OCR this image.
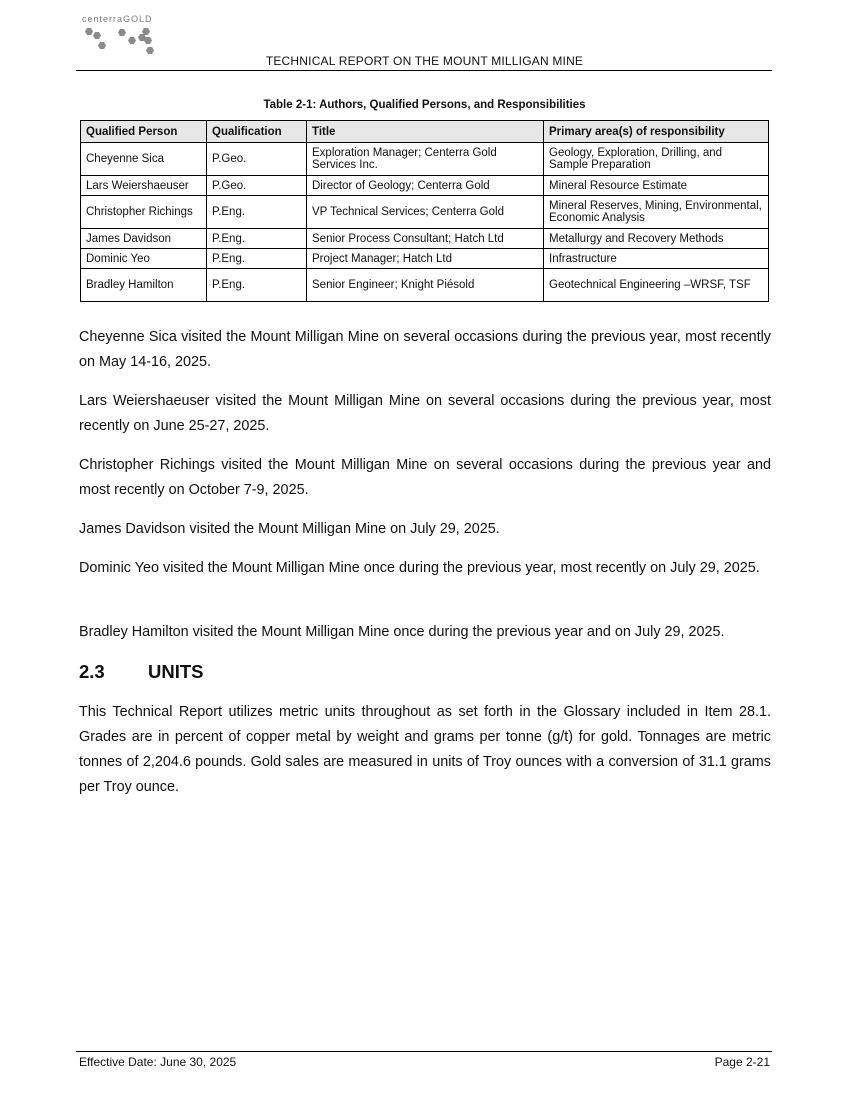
centerraGOLD
TECHNICAL REPORT ON THE MOUNT MILLIGAN MINE
Table 2-1: Authors, Qualified Persons, and Responsibilities
Qualified Person	Qualification	Title	Primary area(s) of responsibility
Cheyenne Sica	P.Geo.	Exploration Manager; Centerra Gold Services Inc.	Geology, Exploration, Drilling, and Sample Preparation
Lars Weiershaeuser	P.Geo.	Director of Geology; Centerra Gold	Mineral Resource Estimate
Christopher Richings	P.Eng.	VP Technical Services; Centerra Gold	Mineral Reserves, Mining, Environmental, Economic Analysis
James Davidson	P.Eng.	Senior Process Consultant; Hatch Ltd	Metallurgy and Recovery Methods
Dominic Yeo	P.Eng.	Project Manager; Hatch Ltd	Infrastructure
Bradley Hamilton	P.Eng.	Senior Engineer; Knight Piésold	Geotechnical Engineering –WRSF, TSF

Cheyenne Sica visited the Mount Milligan Mine on several occasions during the previous year, most recently on May 14-16, 2025.

Lars Weiershaeuser visited the Mount Milligan Mine on several occasions during the previous year, most recently on June 25-27, 2025.

Christopher Richings visited the Mount Milligan Mine on several occasions during the previous year and most recently on October 7-9, 2025.

James Davidson visited the Mount Milligan Mine on July 29, 2025.

Dominic Yeo visited the Mount Milligan Mine once during the previous year, most recently on July 29, 2025.

Bradley Hamilton visited the Mount Milligan Mine once during the previous year and on July 29, 2025.

2.3 UNITS

This Technical Report utilizes metric units throughout as set forth in the Glossary included in Item 28.1. Grades are in percent of copper metal by weight and grams per tonne (g/t) for gold. Tonnages are metric tonnes of 2,204.6 pounds. Gold sales are measured in units of Troy ounces with a conversion of 31.1 grams per Troy ounce.

Effective Date: June 30, 2025	Page 2-21
